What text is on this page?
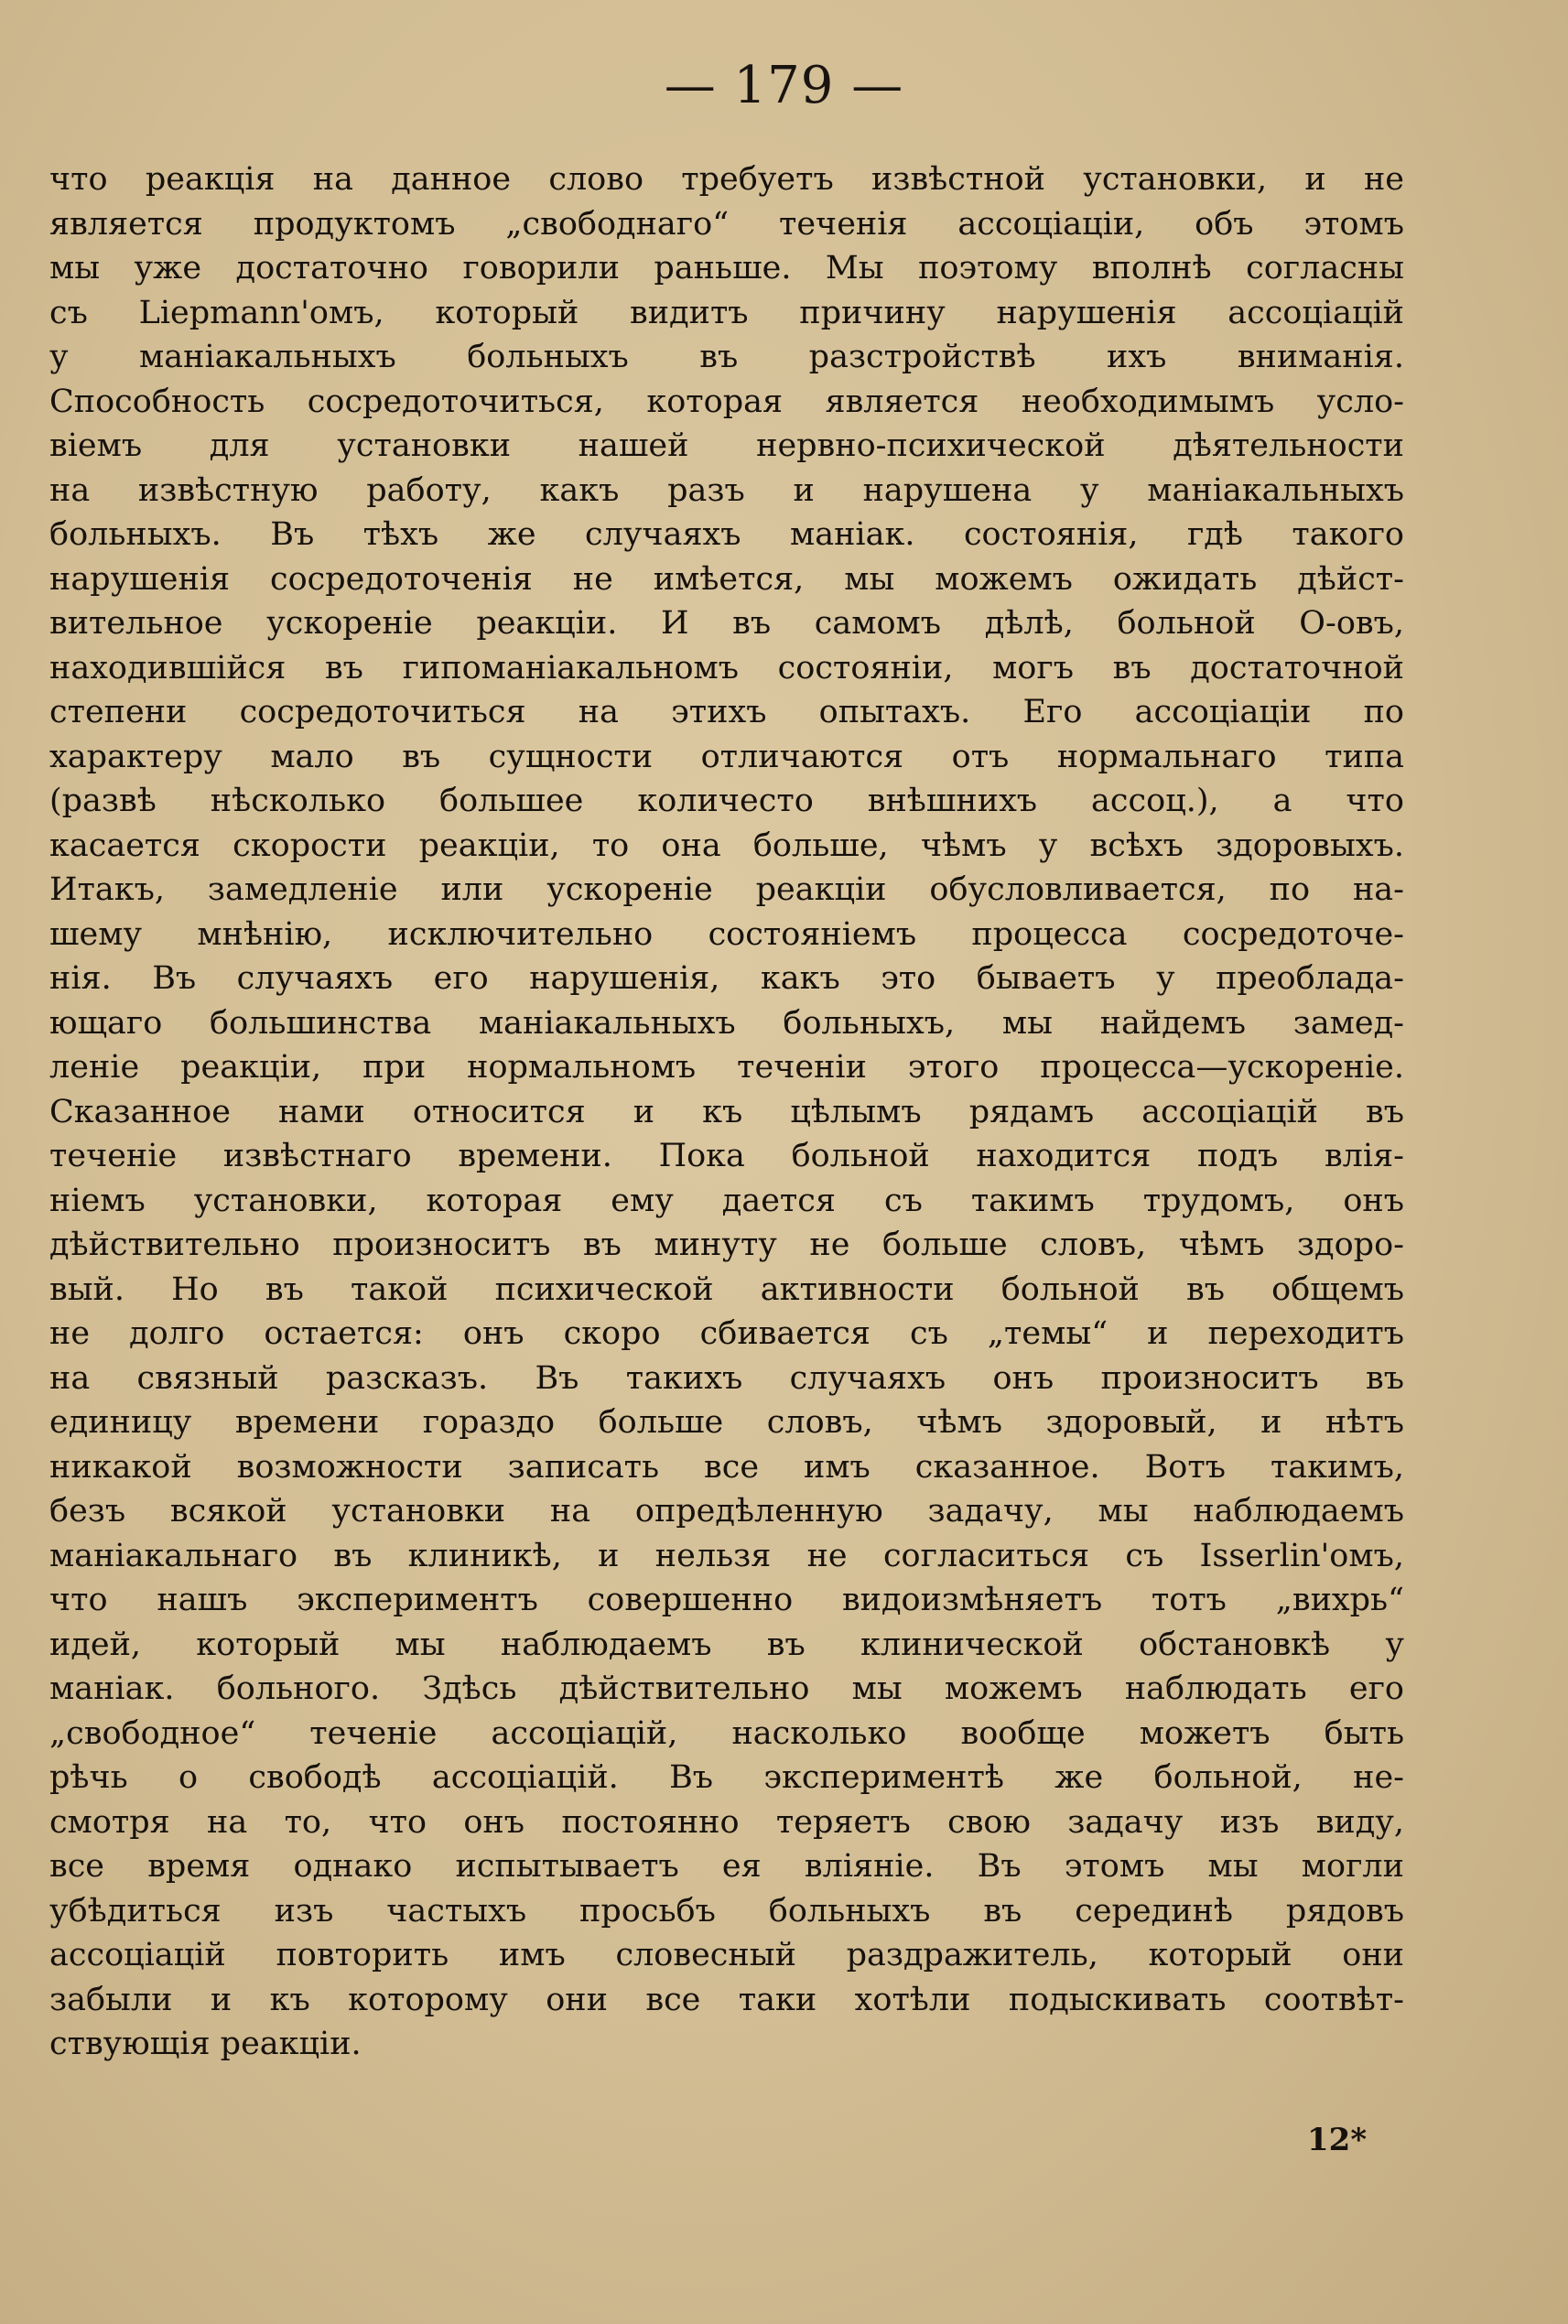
— 179 —
что реакція на данное слово требуетъ извѣстной установки, и не
является продуктомъ „свободнаго“ теченія ассоціаціи, объ этомъ
мы уже достаточно говорили раньше. Мы поэтому вполнѣ согласны
съ Liepmann'омъ, который видитъ причину нарушенія ассоціацій
у маніакальныхъ больныхъ въ разстройствѣ ихъ вниманія.
Способность сосредоточиться, которая является необходимымъ усло-
віемъ для установки нашей нервно-психической дѣятельности
на извѣстную работу, какъ разъ и нарушена у маніакальныхъ
больныхъ. Въ тѣхъ же случаяхъ маніак. состоянія, гдѣ такого
нарушенія сосредоточенія не имѣется, мы можемъ ожидать дѣйст-
вительное ускореніе реакціи. И въ самомъ дѣлѣ, больной О-овъ,
находившійся въ гипоманіакальномъ состояніи, могъ въ достаточной
степени сосредоточиться на этихъ опытахъ. Его ассоціаціи по
характеру мало въ сущности отличаются отъ нормальнаго типа
(развѣ нѣсколько большее количесто внѣшнихъ ассоц.), а что
касается скорости реакціи, то она больше, чѣмъ у всѣхъ здоровыхъ.
Итакъ, замедленіе или ускореніе реакціи обусловливается, по на-
шему мнѣнію, исключительно состояніемъ процесса сосредоточе-
нія. Въ случаяхъ его нарушенія, какъ это бываетъ у преоблада-
ющаго большинства маніакальныхъ больныхъ, мы найдемъ замед-
леніе реакціи, при нормальномъ теченіи этого процесса—ускореніе.
Сказанное нами относится и къ цѣлымъ рядамъ ассоціацій въ
теченіе извѣстнаго времени. Пока больной находится подъ влія-
ніемъ установки, которая ему дается съ такимъ трудомъ, онъ
дѣйствительно произноситъ въ минуту не больше словъ, чѣмъ здоро-
вый. Но въ такой психической активности больной въ общемъ
не долго остается: онъ скоро сбивается съ „темы“ и переходитъ
на связный разсказъ. Въ такихъ случаяхъ онъ произноситъ въ
единицу времени гораздо больше словъ, чѣмъ здоровый, и нѣтъ
никакой возможности записать все имъ сказанное. Вотъ такимъ,
безъ всякой установки на опредѣленную задачу, мы наблюдаемъ
маніакальнаго въ клиникѣ, и нельзя не согласиться съ Isserlin'омъ,
что нашъ экспериментъ совершенно видоизмѣняетъ тотъ „вихрь“
идей, который мы наблюдаемъ въ клинической обстановкѣ у
маніак. больного. Здѣсь дѣйствительно мы можемъ наблюдать его
„свободное“ теченіе ассоціацій, насколько вообще можетъ быть
рѣчь о свободѣ ассоціацій. Въ экспериментѣ же больной, не-
смотря на то, что онъ постоянно теряетъ свою задачу изъ виду,
все время однако испытываетъ ея вліяніе. Въ этомъ мы могли
убѣдиться изъ частыхъ просьбъ больныхъ въ серединѣ рядовъ
ассоціацій повторить имъ словесный раздражитель, который они
забыли и къ которому они все таки хотѣли подыскивать соотвѣт-
ствующія реакціи.
12*
